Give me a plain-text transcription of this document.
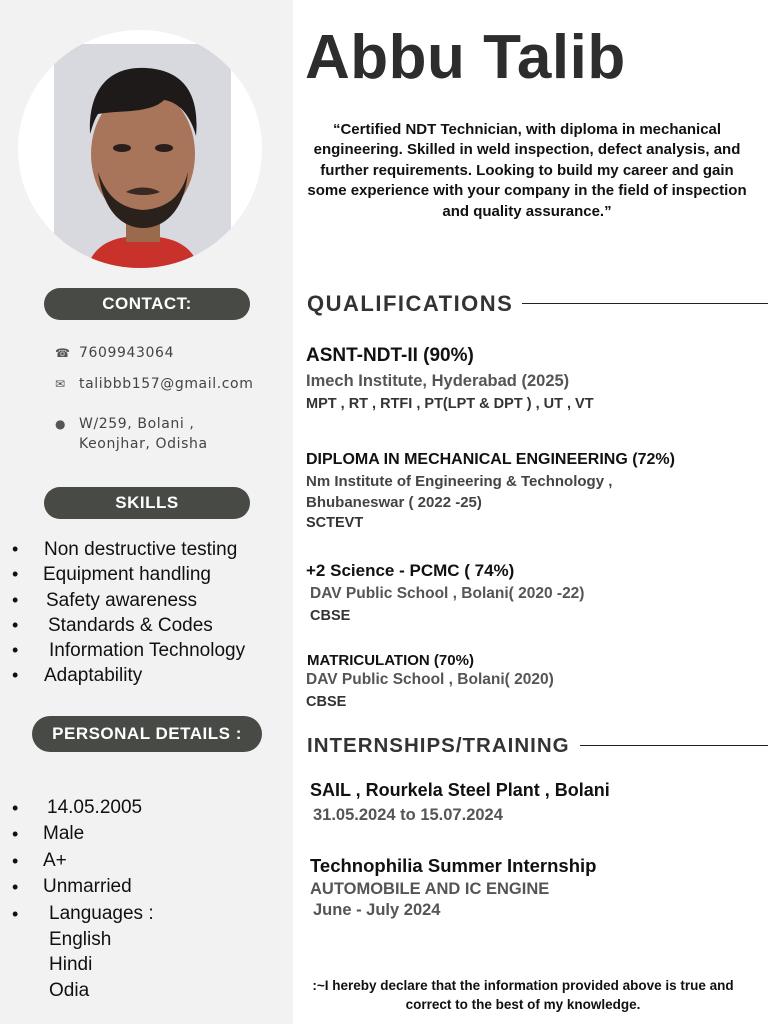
CONTACT:
☎ 7609943064
✉ talibbb157@gmail.com
● W/259, Bolani ,
Keonjhar, Odisha
SKILLS
• Non destructive testing
• Equipment handling
• Safety awareness
• Standards & Codes
• Information Technology
• Adaptability
PERSONAL DETAILS :
• 14.05.2005
• Male
• A+
• Unmarried
• Languages :
English
Hindi
Odia
Abbu Talib

“Certified NDT Technician, with diploma in mechanical engineering. Skilled in weld inspection, defect analysis, and further requirements. Looking to build my career and gain some experience with your company in the field of inspection and quality assurance.”

QUALIFICATIONS
ASNT-NDT-II (90%)
Imech Institute, Hyderabad (2025)
MPT , RT , RTFI , PT(LPT & DPT ) , UT , VT
DIPLOMA IN MECHANICAL ENGINEERING (72%)
Nm Institute of Engineering & Technology ,
Bhubaneswar ( 2022 -25)
SCTEVT
+2 Science - PCMC ( 74%)
DAV Public School , Bolani( 2020 -22)
CBSE
MATRICULATION (70%)
DAV Public School , Bolani( 2020)
CBSE
INTERNSHIPS/TRAINING
SAIL , Rourkela Steel Plant , Bolani
31.05.2024 to 15.07.2024
Technophilia Summer Internship
AUTOMOBILE AND IC ENGINE
June - July 2024

:~I hereby declare that the information provided above is true and correct to the best of my knowledge.
